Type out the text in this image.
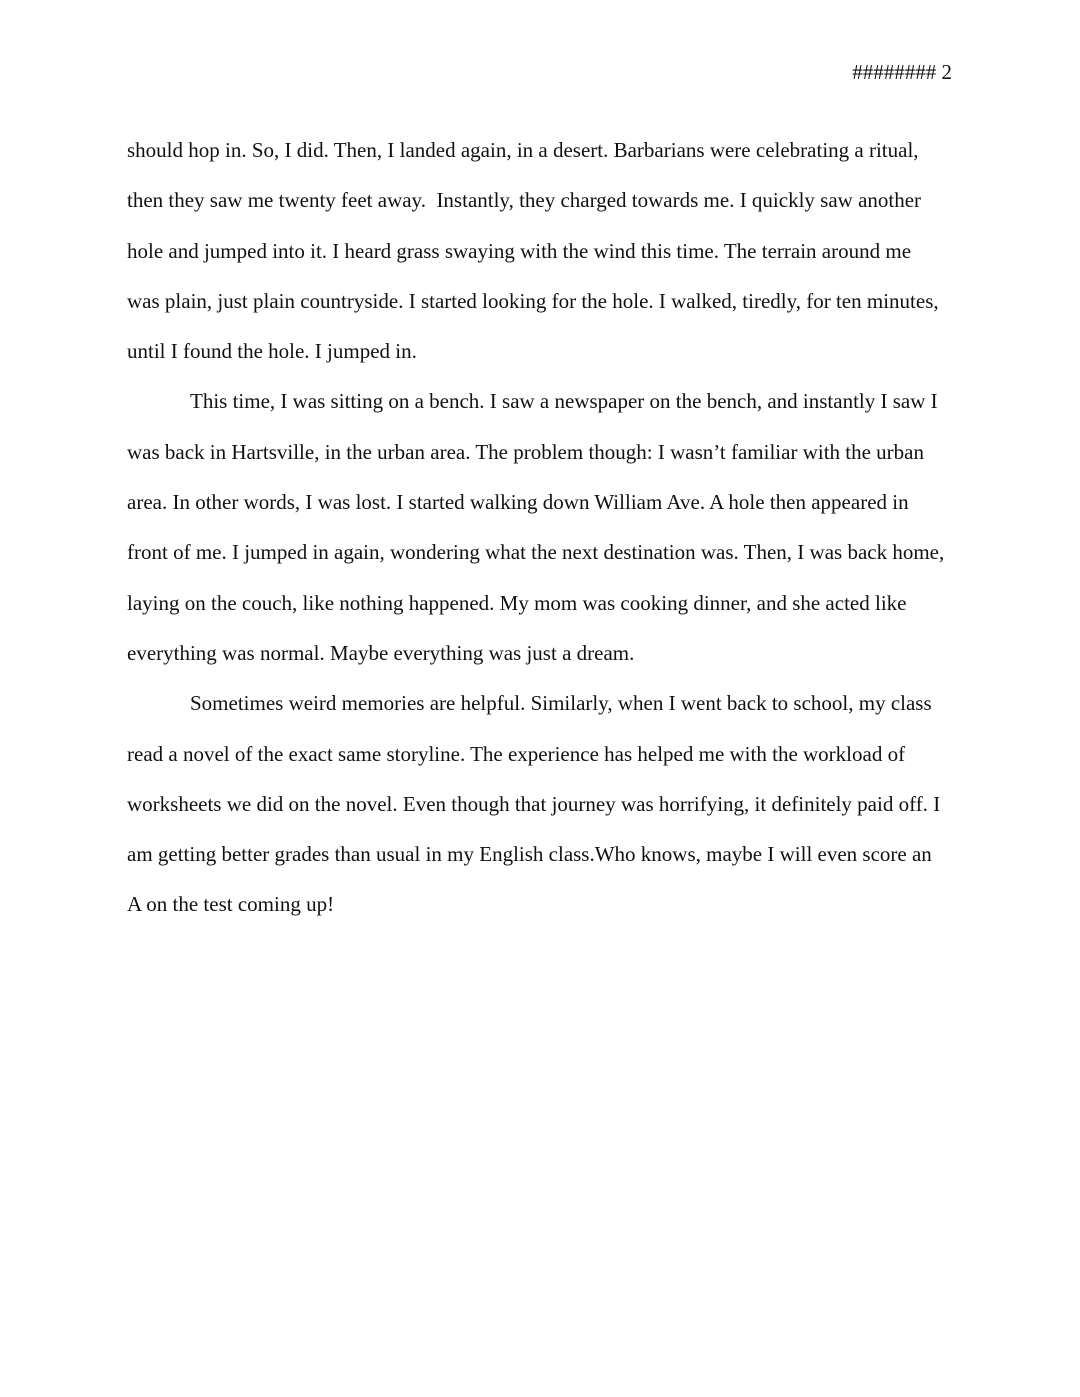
######## 2
should hop in. So, I did. Then, I landed again, in a desert. Barbarians were celebrating a ritual,
then they saw me twenty feet away.  Instantly, they charged towards me. I quickly saw another
hole and jumped into it. I heard grass swaying with the wind this time. The terrain around me
was plain, just plain countryside. I started looking for the hole. I walked, tiredly, for ten minutes,
until I found the hole. I jumped in.
This time, I was sitting on a bench. I saw a newspaper on the bench, and instantly I saw I
was back in Hartsville, in the urban area. The problem though: I wasn’t familiar with the urban
area. In other words, I was lost. I started walking down William Ave. A hole then appeared in
front of me. I jumped in again, wondering what the next destination was. Then, I was back home,
laying on the couch, like nothing happened. My mom was cooking dinner, and she acted like
everything was normal. Maybe everything was just a dream.
Sometimes weird memories are helpful. Similarly, when I went back to school, my class
read a novel of the exact same storyline. The experience has helped me with the workload of
worksheets we did on the novel. Even though that journey was horrifying, it definitely paid off. I
am getting better grades than usual in my English class.Who knows, maybe I will even score an
A on the test coming up!
